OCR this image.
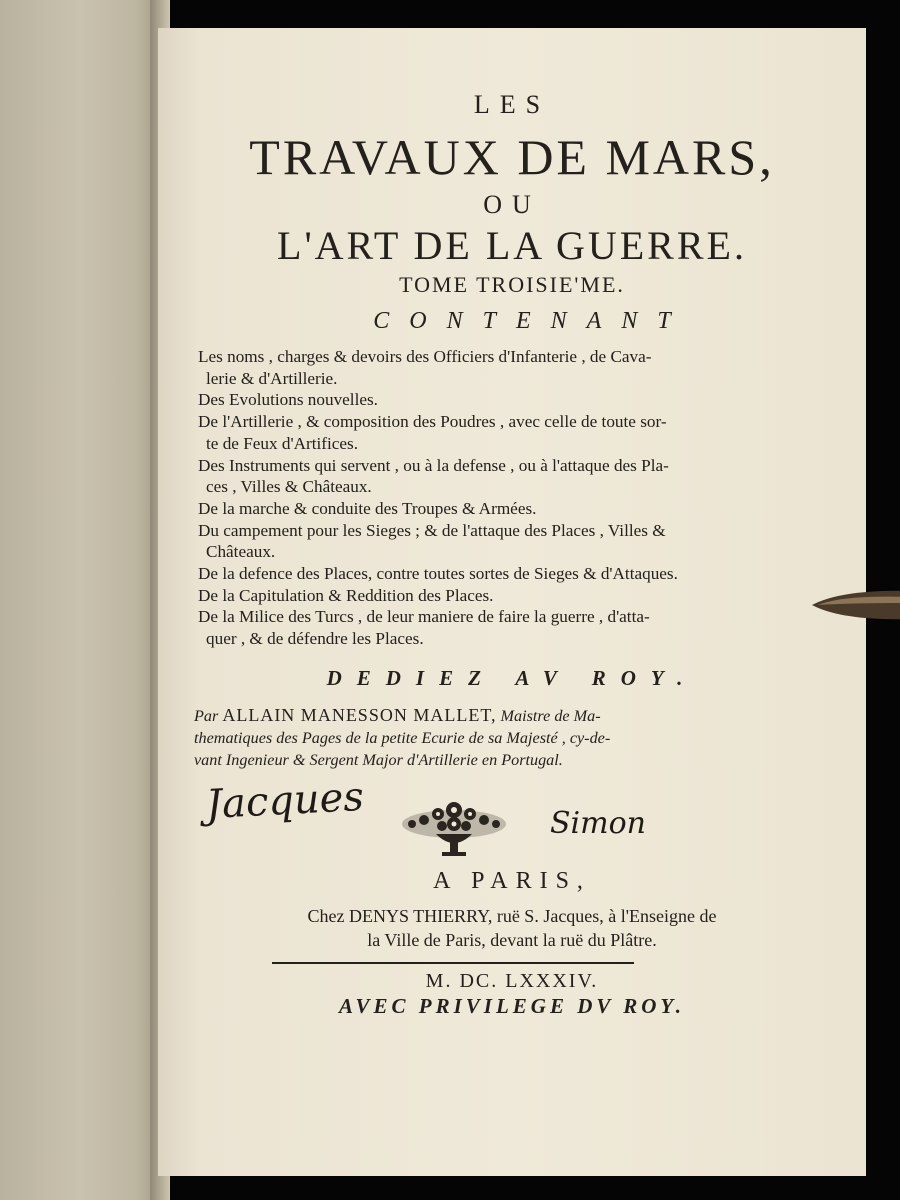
LES
TRAVAUX DE MARS,
OU
L'ART DE LA GUERRE.
TOME TROISIE'ME.
CONTENANT
Les noms , charges & devoirs des Officiers d'Infanterie , de Cava-
lerie & d'Artillerie.
Des Evolutions nouvelles.
De l'Artillerie , & composition des Poudres , avec celle de toute sor-
te de Feux d'Artifices.
Des Instruments qui servent , ou à la defense , ou à l'attaque des Pla-
ces , Villes & Châteaux.
De la marche & conduite des Troupes & Armées.
Du campement pour les Sieges ; & de l'attaque des Places , Villes &
Châteaux.
De la defence des Places, contre toutes sortes de Sieges & d'Attaques.
De la Capitulation & Reddition des Places.
De la Milice des Turcs , de leur maniere de faire la guerre , d'atta-
quer , & de défendre les Places.
DEDIEZ AV ROY.
Par ALLAIN MANESSON MALLET, Maistre de Ma-
thematiques des Pages de la petite Ecurie de sa Majesté , cy-de-
vant Ingenieur & Sergent Major d'Artillerie en Portugal.
Jacques	Simon
A PARIS,
Chez DENYS THIERRY, ruë S. Jacques, à l'Enseigne de
la Ville de Paris, devant la ruë du Plâtre.
M. DC. LXXXIV.
AVEC PRIVILEGE DV ROY.
